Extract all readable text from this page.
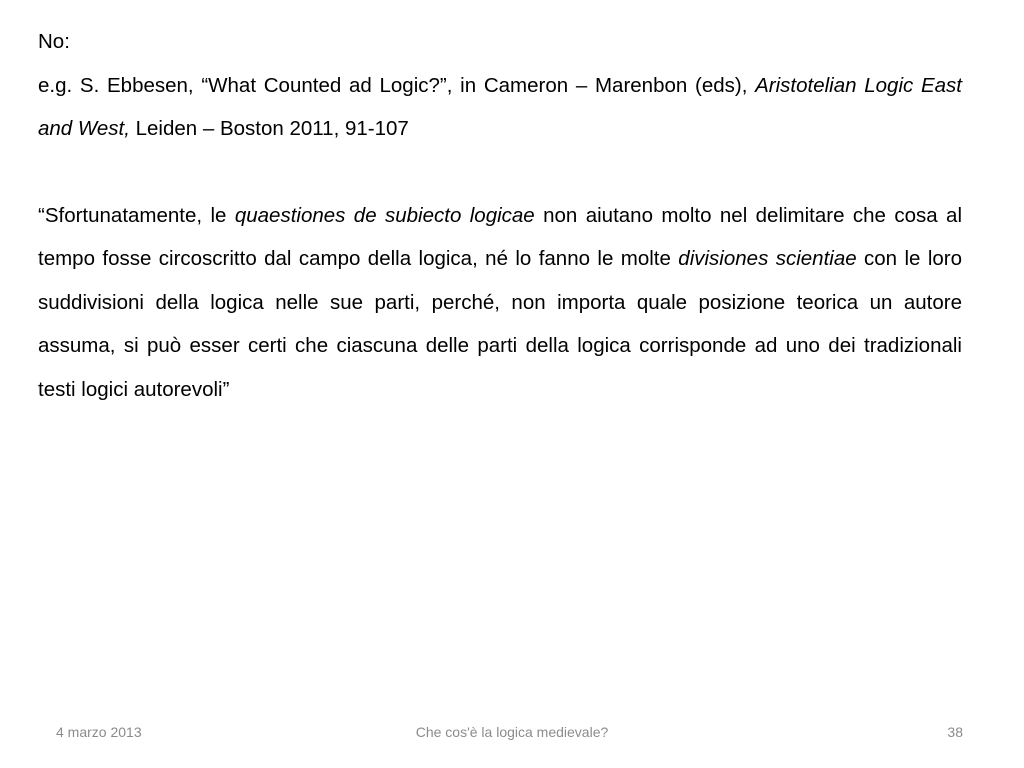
No:

e.g. S. Ebbesen, “What Counted ad Logic?”, in Cameron – Marenbon (eds), Aristotelian Logic East and West, Leiden – Boston 2011, 91-107

“Sfortunatamente, le quaestiones de subiecto logicae non aiutano molto nel delimitare che cosa al tempo fosse circoscritto dal campo della logica, né lo fanno le molte divisiones scientiae con le loro suddivisioni della logica nelle sue parti, perché, non importa quale posizione teorica un autore assuma, si può esser certi che ciascuna delle parti della logica corrisponde ad uno dei tradizionali testi logici autorevoli”

4 marzo 2013	Che cos'è la logica medievale?	38
